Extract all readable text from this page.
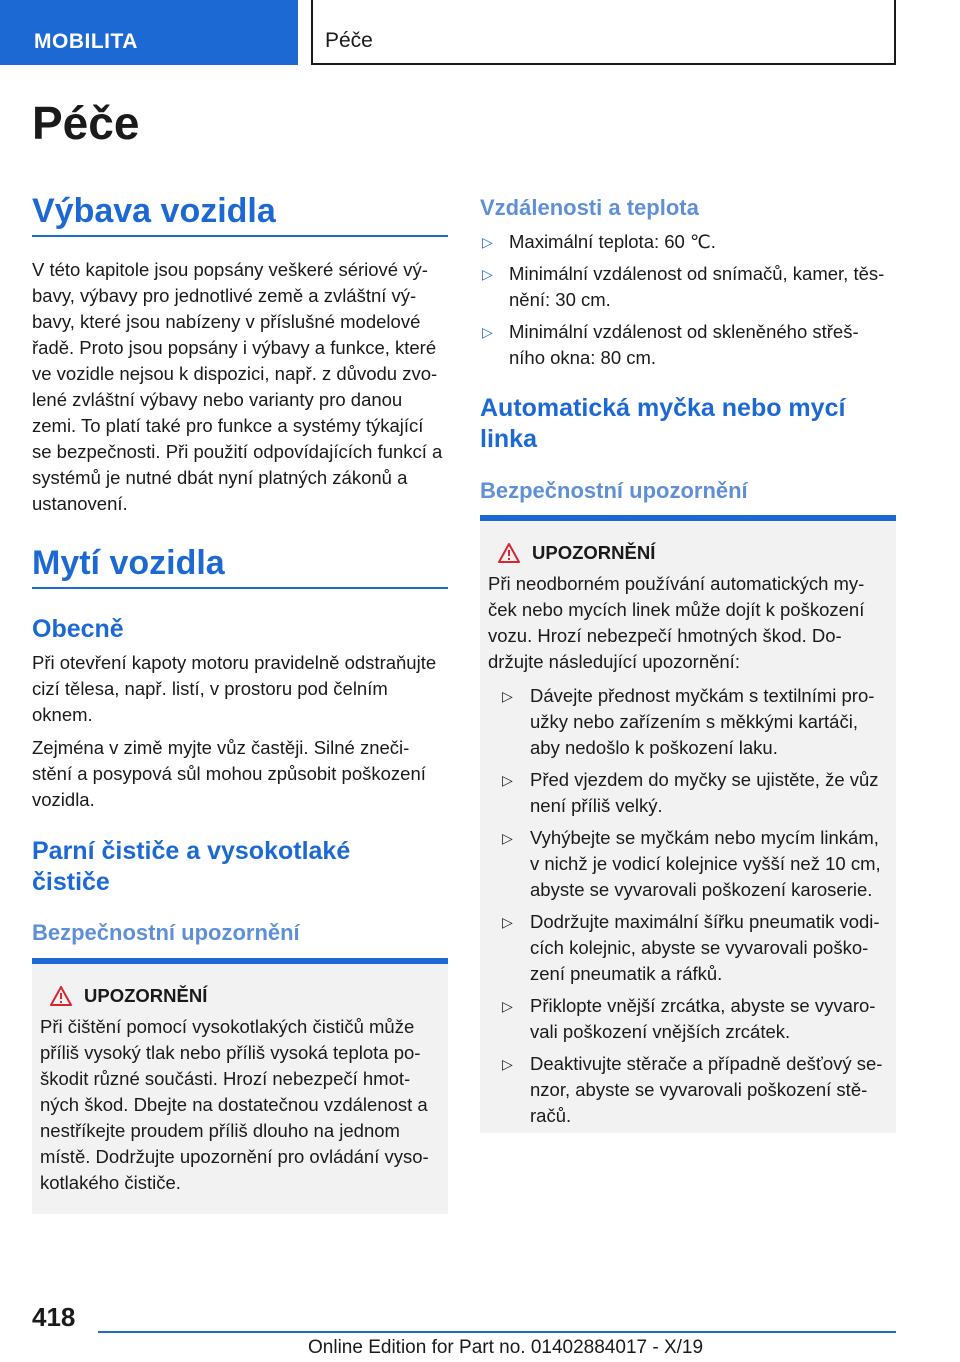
MOBILITA	Péče
Péče
Výbava vozidla
V této kapitole jsou popsány veškeré sériové vý-
bavy, výbavy pro jednotlivé země a zvláštní vý-
bavy, které jsou nabízeny v příslušné modelové
řadě. Proto jsou popsány i výbavy a funkce, které
ve vozidle nejsou k dispozici, např. z důvodu zvo-
lené zvláštní výbavy nebo varianty pro danou
zemi. To platí také pro funkce a systémy týkající
se bezpečnosti. Při použití odpovídajících funkcí a
systémů je nutné dbát nyní platných zákonů a
ustanovení.
Mytí vozidla
Obecně
Při otevření kapoty motoru pravidelně odstraňujte
cizí tělesa, např. listí, v prostoru pod čelním
oknem.
Zejména v zimě myjte vůz častěji. Silné zneči-
stění a posypová sůl mohou způsobit poškození
vozidla.
Parní čističe a vysokotlaké
čističe
Bezpečnostní upozornění
UPOZORNĚNÍ
Při čištění pomocí vysokotlakých čističů může
příliš vysoký tlak nebo příliš vysoká teplota po-
škodit různé součásti. Hrozí nebezpečí hmot-
ných škod. Dbejte na dostatečnou vzdálenost a
nestříkejte proudem příliš dlouho na jednom
místě. Dodržujte upozornění pro ovládání vyso-
kotlakého čističe.
Vzdálenosti a teplota
▷ Maximální teplota: 60 ℃.
▷ Minimální vzdálenost od snímačů, kamer, těs-
nění: 30 cm.
▷ Minimální vzdálenost od skleněného střeš-
ního okna: 80 cm.
Automatická myčka nebo mycí
linka
Bezpečnostní upozornění
UPOZORNĚNÍ
Při neodborném používání automatických my-
ček nebo mycích linek může dojít k poškození
vozu. Hrozí nebezpečí hmotných škod. Do-
držujte následující upozornění:
▷ Dávejte přednost myčkám s textilními pro-
užky nebo zařízením s měkkými kartáči,
aby nedošlo k poškození laku.
▷ Před vjezdem do myčky se ujistěte, že vůz
není příliš velký.
▷ Vyhýbejte se myčkám nebo mycím linkám,
v nichž je vodicí kolejnice vyšší než 10 cm,
abyste se vyvarovali poškození karoserie.
▷ Dodržujte maximální šířku pneumatik vodi-
cích kolejnic, abyste se vyvarovali poško-
zení pneumatik a ráfků.
▷ Přiklopte vnější zrcátka, abyste se vyvaro-
vali poškození vnějších zrcátek.
▷ Deaktivujte stěrače a případně dešťový se-
nzor, abyste se vyvarovali poškození stě-
račů.
418
Online Edition for Part no. 01402884017 - X/19
